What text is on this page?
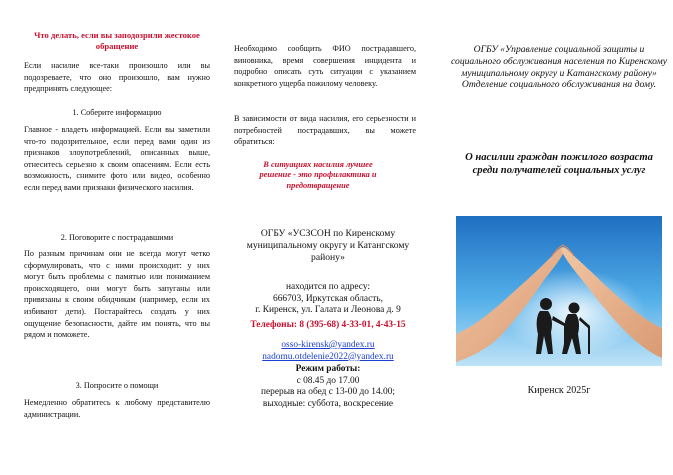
Что делать, если вы заподозрили жестокое обращение

Если насилие все-таки произошло или вы подозреваете, что оно произошло, вам нужно предпринять следующее:

1. Соберите информацию

Главное - владеть информацией. Если вы заметили что-то подозрительное, если перед вами один из признаков злоупотреблений, описанных выше, отнеситесь серьезно к своим опасениям. Если есть возможность, снимите фото или видео, особенно если перед вами признаки физического насилия.

2. Поговорите с пострадавшими

По разным причинам они не всегда могут четко сформулировать, что с ними происходит: у них могут быть проблемы с памятью или пониманием происходящего, они могут быть запуганы или привязаны к своим обидчикам (например, если их избивают дети). Постарайтесь создать у них ощущение безопасности, дайте им понять, что вы рядом и поможете.

3. Попросите о помощи

Немедленно обратитесь к любому представителю администрации.

Необходимо сообщить ФИО пострадавшего, виновника, время совершения инцидента и подробно описать суть ситуации с указанием конкретного ущерба пожилому человеку.

В зависимости от вида насилия, его серьезности и потребностей пострадавших, вы можете обратиться:

В ситуациях насилия лучшее решение - это профилактика и предотвращение
ОГБУ «УСЗСОН по Киренскому муниципальному округу и Катангскому району»
находится по адресу:
666703, Иркутская область,
г. Киренск, ул. Галата и Леонова д. 9
Телефоны: 8 (395-68) 4-33-01, 4-43-15
osso-kirensk@yandex.ru
nadomu.otdelenie2022@yandex.ru
Режим работы:
с 08.45 до 17.00
перерыв на обед с 13-00 до 14.00;
выходные: суббота, воскресение
ОГБУ «Управление социальной защиты и социального обслуживания населения по Киренскому муниципальному округу и Катангскому району»
Отделение социального обслуживания на дому.
О насилии граждан пожилого возраста среди получателей социальных услуг
Киренск 2025г
